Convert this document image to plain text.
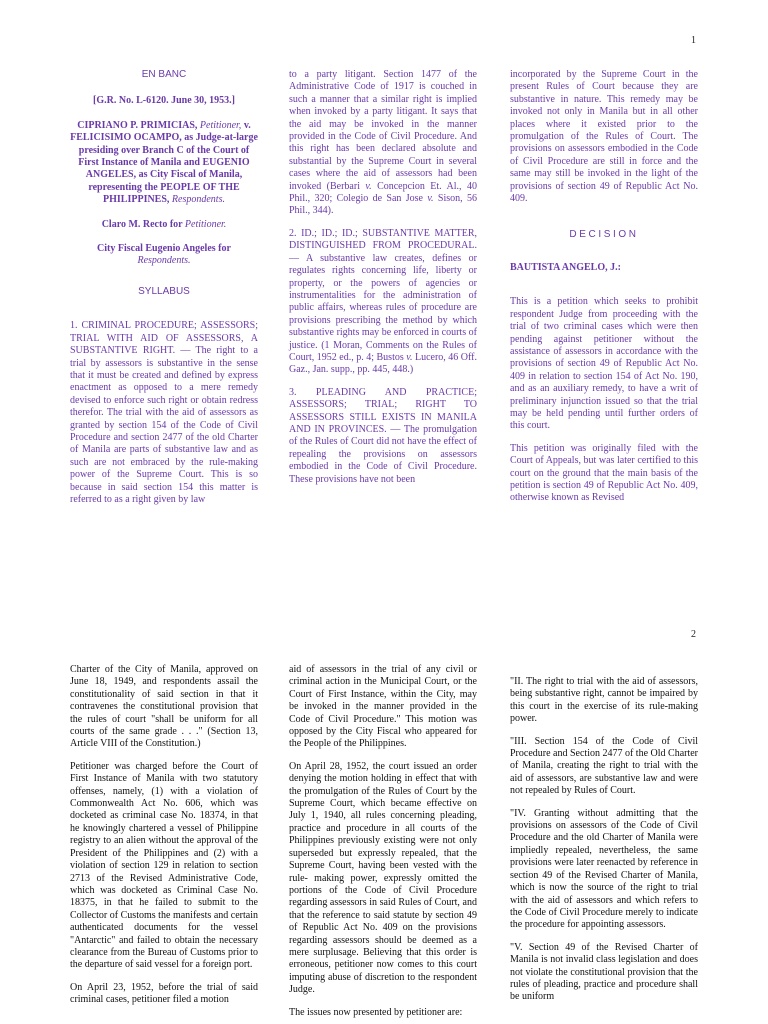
1

EN BANC

[G.R. No. L-6120. June 30, 1953.]

CIPRIANO P. PRIMICIAS, Petitioner, v. FELICISIMO OCAMPO, as Judge-at-large presiding over Branch C of the Court of First Instance of Manila and EUGENIO ANGELES, as City Fiscal of Manila, representing the PEOPLE OF THE PHILIPPINES, Respondents.

Claro M. Recto for Petitioner.

City Fiscal Eugenio Angeles for Respondents.

SYLLABUS

1. CRIMINAL PROCEDURE; ASSESSORS; TRIAL WITH AID OF ASSESSORS, A SUBSTANTIVE RIGHT. — The right to a trial by assessors is substantive in the sense that it must be created and defined by express enactment as opposed to a mere remedy devised to enforce such right or obtain redress therefor. The trial with the aid of assessors as granted by section 154 of the Code of Civil Procedure and section 2477 of the old Charter of Manila are parts of substantive law and as such are not embraced by the rule-making power of the Supreme Court. This is so because in said section 154 this matter is referred to as a right given by law

to a party litigant. Section 1477 of the Administrative Code of 1917 is couched in such a manner that a similar right is implied when invoked by a party litigant. It says that the aid may be invoked in the manner provided in the Code of Civil Procedure. And this right has been declared absolute and substantial by the Supreme Court in several cases where the aid of assessors had been invoked (Berbari v. Concepcion Et. Al., 40 Phil., 320; Colegio de San Jose v. Sison, 56 Phil., 344).

2. ID.; ID.; ID.; SUBSTANTIVE MATTER, DISTINGUISHED FROM PROCEDURAL. — A substantive law creates, defines or regulates rights concerning life, liberty or property, or the powers of agencies or instrumentalities for the administration of public affairs, whereas rules of procedure are provisions prescribing the method by which substantive rights may be enforced in courts of justice. (1 Moran, Comments on the Rules of Court, 1952 ed., p. 4; Bustos v. Lucero, 46 Off. Gaz., Jan. supp., pp. 445, 448.)

3. PLEADING AND PRACTICE; ASSESSORS; TRIAL; RIGHT TO ASSESSORS STILL EXISTS IN MANILA AND IN PROVINCES. — The promulgation of the Rules of Court did not have the effect of repealing the provisions on assessors embodied in the Code of Civil Procedure. These provisions have not been

incorporated by the Supreme Court in the present Rules of Court because they are substantive in nature. This remedy may be invoked not only in Manila but in all other places where it existed prior to the promulgation of the Rules of Court. The provisions on assessors embodied in the Code of Civil Procedure are still in force and the same may still be invoked in the light of the provisions of section 49 of Republic Act No. 409.

DECISION

BAUTISTA ANGELO, J.:

This is a petition which seeks to prohibit respondent Judge from proceeding with the trial of two criminal cases which were then pending against petitioner without the assistance of assessors in accordance with the provisions of section 49 of Republic Act No. 409 in relation to section 154 of Act No. 190, and as an auxiliary remedy, to have a writ of preliminary injunction issued so that the trial may be held pending until further orders of this court.

This petition was originally filed with the Court of Appeals, but was later certified to this court on the ground that the main basis of the petition is section 49 of Republic Act No. 409, otherwise known as Revised

2

Charter of the City of Manila, approved on June 18, 1949, and respondents assail the constitutionality of said section in that it contravenes the constitutional provision that the rules of court "shall be uniform for all courts of the same grade . . ." (Section 13, Article VIII of the Constitution.)

Petitioner was charged before the Court of First Instance of Manila with two statutory offenses, namely, (1) with a violation of Commonwealth Act No. 606, which was docketed as criminal case No. 18374, in that he knowingly chartered a vessel of Philippine registry to an alien without the approval of the President of the Philippines and (2) with a violation of section 129 in relation to section 2713 of the Revised Administrative Code, which was docketed as Criminal Case No. 18375, in that he failed to submit to the Collector of Customs the manifests and certain authenticated documents for the vessel "Antarctic" and failed to obtain the necessary clearance from the Bureau of Customs prior to the departure of said vessel for a foreign port.

On April 23, 1952, before the trial of said criminal cases, petitioner filed a motion

aid of assessors in the trial of any civil or criminal action in the Municipal Court, or the Court of First Instance, within the City, may be invoked in the manner provided in the Code of Civil Procedure." This motion was opposed by the City Fiscal who appeared for the People of the Philippines.

On April 28, 1952, the court issued an order denying the motion holding in effect that with the promulgation of the Rules of Court by the Supreme Court, which became effective on July 1, 1940, all rules concerning pleading, practice and procedure in all courts of the Philippines previously existing were not only superseded but expressly repealed, that the Supreme Court, having been vested with the rule- making power, expressly omitted the portions of the Code of Civil Procedure regarding assessors in said Rules of Court, and that the reference to said statute by section 49 of Republic Act No. 409 on the provisions regarding assessors should be deemed as a mere surplusage. Believing that this order is erroneous, petitioner now comes to this court imputing abuse of discretion to the respondent Judge.

The issues now presented by petitioner are:

"II. The right to trial with the aid of assessors, being substantive right, cannot be impaired by this court in the exercise of its rule-making power.

"III. Section 154 of the Code of Civil Procedure and Section 2477 of the Old Charter of Manila, creating the right to trial with the aid of assessors, are substantive law and were not repealed by Rules of Court.

"IV. Granting without admitting that the provisions on assessors of the Code of Civil Procedure and the old Charter of Manila were impliedly repealed, nevertheless, the same provisions were later reenacted by reference in section 49 of the Revised Charter of Manila, which is now the source of the right to trial with the aid of assessors and which refers to the Code of Civil Procedure merely to indicate the procedure for appointing assessors.

"V. Section 49 of the Revised Charter of Manila is not invalid class legislation and does not violate the constitutional provision that the rules of pleading, practice and procedure shall be uniform
